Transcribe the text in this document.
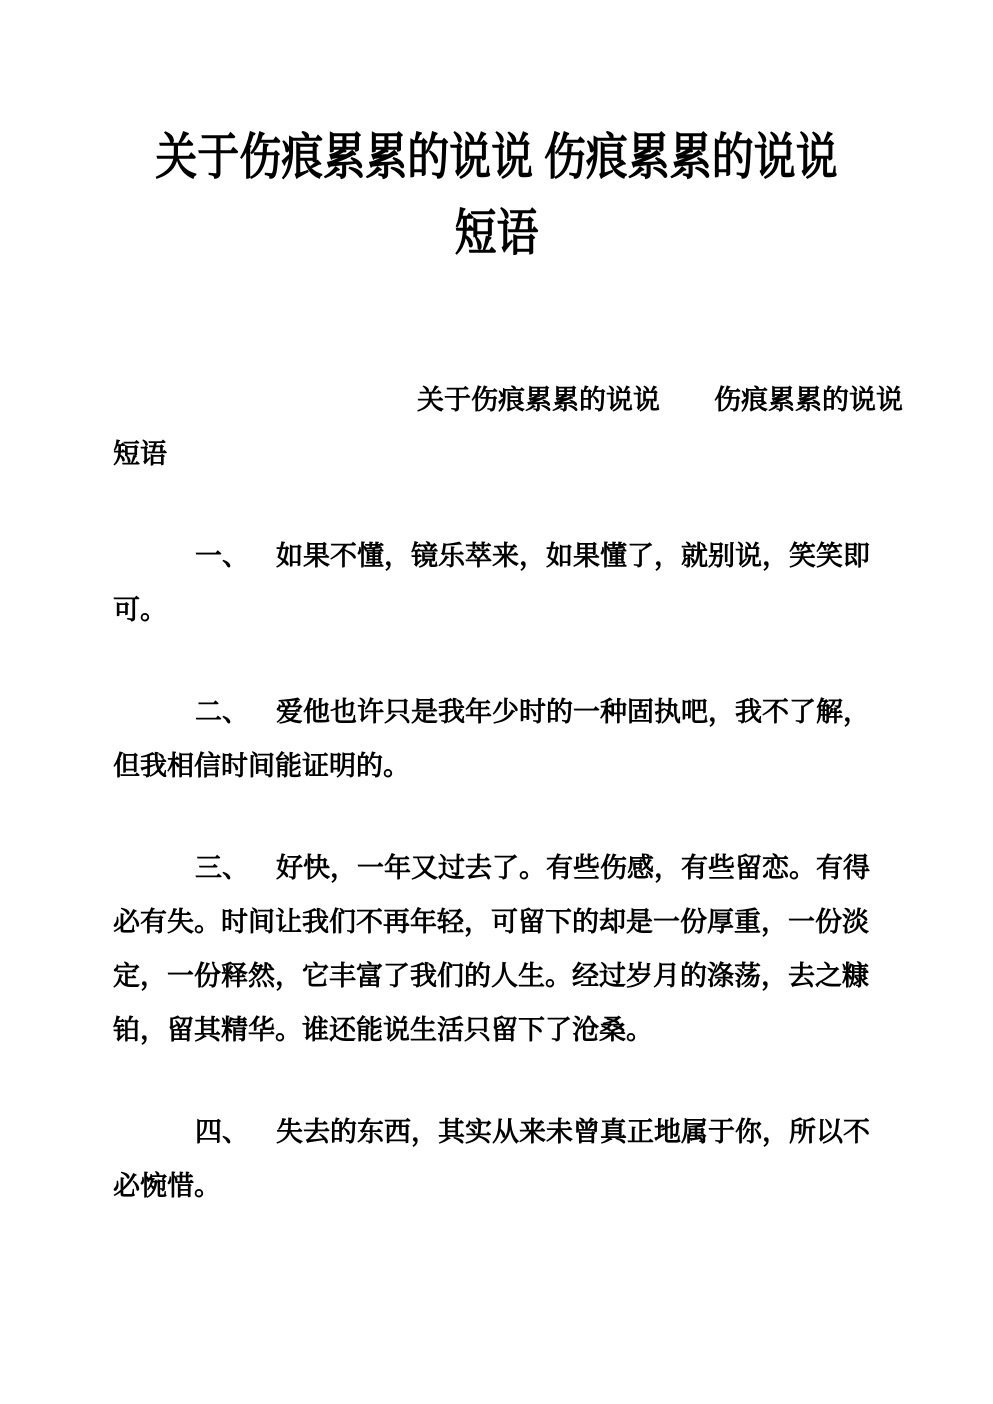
关于伤痕累累的说说 伤痕累累的说说
短语
关于伤痕累累的说说　　伤痕累累的说说
短语
一、　 如果不懂，镜乐萃来，如果懂了，就别说，笑笑即
可。
二、　 爱他也许只是我年少时的一种固执吧，我不了解，
但我相信时间能证明的。
三、　 好快，一年又过去了。有些伤感，有些留恋。有得
必有失。时间让我们不再年轻，可留下的却是一份厚重，一份淡
定，一份释然，它丰富了我们的人生。经过岁月的涤荡，去之糠
铂，留其精华。谁还能说生活只留下了沧桑。
四、　 失去的东西，其实从来未曾真正地属于你，所以不
必惋惜。
